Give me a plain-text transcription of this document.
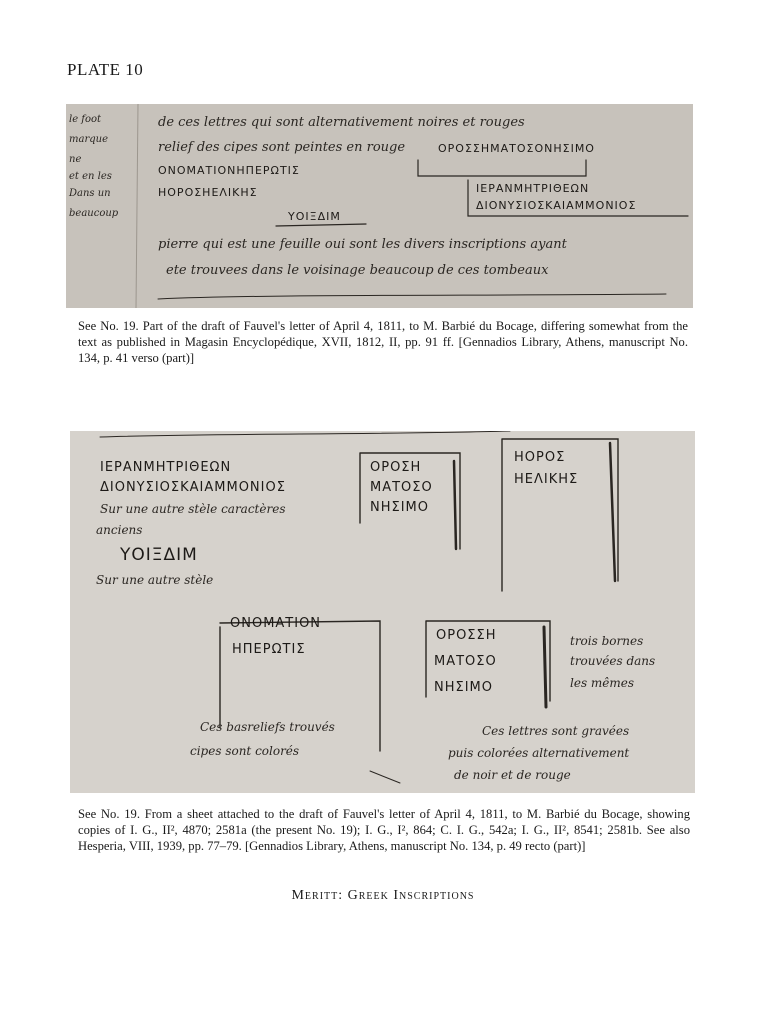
PLATE 10
le foot
marque
ne
et en les
Dans un
beaucoup
de ces lettres qui sont alternativement noires et rouges
relief des cipes sont peintes en rouge
pierre qui est une feuille oui sont les divers inscriptions ayant
ete trouvees dans le voisinage beaucoup de ces tombeaux
ΟΡΟΣΣΗΜΑΤΟΣΟΝΗΣΙΜΟ
ΟΝΟΜΑΤΙΟΝΗΠΕΡΩΤΙΣ
ΗΟΡΟΣΗΕΛΙΚΗΣ	ΙΕΡΑΝΜΗΤΡΙΘΕΩΝ
ΔΙΟΝΥΣΙΟΣΚΑΙΑΜΜΟΝΙΟΣ
ΥΟΙΞΔΙΜ
See No. 19. Part of the draft of Fauvel's letter of April 4, 1811, to M. Barbié du Bocage, differing somewhat from the text as published in Magasin Encyclopédique, XVII, 1812, II, pp. 91 ff. [Gennadios Library, Athens, manuscript No. 134, p. 41 verso (part)]
ΙΕΡΑΝΜΗΤΡΙΘΕΩΝ
ΔΙΟΝΥΣΙΟΣΚΑΙΑΜΜΟΝΙΟΣ
ΥΟΙΞΔΙΜ
Sur une autre stèle caractères
anciens
Sur une autre stèle
ΟΡΟΣΗ
ΜΑΤΟΣΟ
ΝΗΣΙΜΟ
ΗΟΡΟΣ
ΗΕΛΙΚΗΣ
ΟΝΟΜΑΤΙΟΝ
ΗΠΕΡΩΤΙΣ
ΟΡΟΣΣΗ
ΜΑΤΟΣΟ
ΝΗΣΙΜΟ
trois bornes
trouvées dans
les mêmes
Ces basreliefs trouvés
cipes sont colorés
Ces lettres sont gravées
puis colorées alternativement
de noir et de rouge
See No. 19. From a sheet attached to the draft of Fauvel's letter of April 4, 1811, to M. Barbié du Bocage, showing copies of I. G., II², 4870; 2581a (the present No. 19); I. G., I², 864; C. I. G., 542a; I. G., II², 8541; 2581b. See also Hesperia, VIII, 1939, pp. 77–79. [Gennadios Library, Athens, manuscript No. 134, p. 49 recto (part)]
Meritt: Greek Inscriptions
